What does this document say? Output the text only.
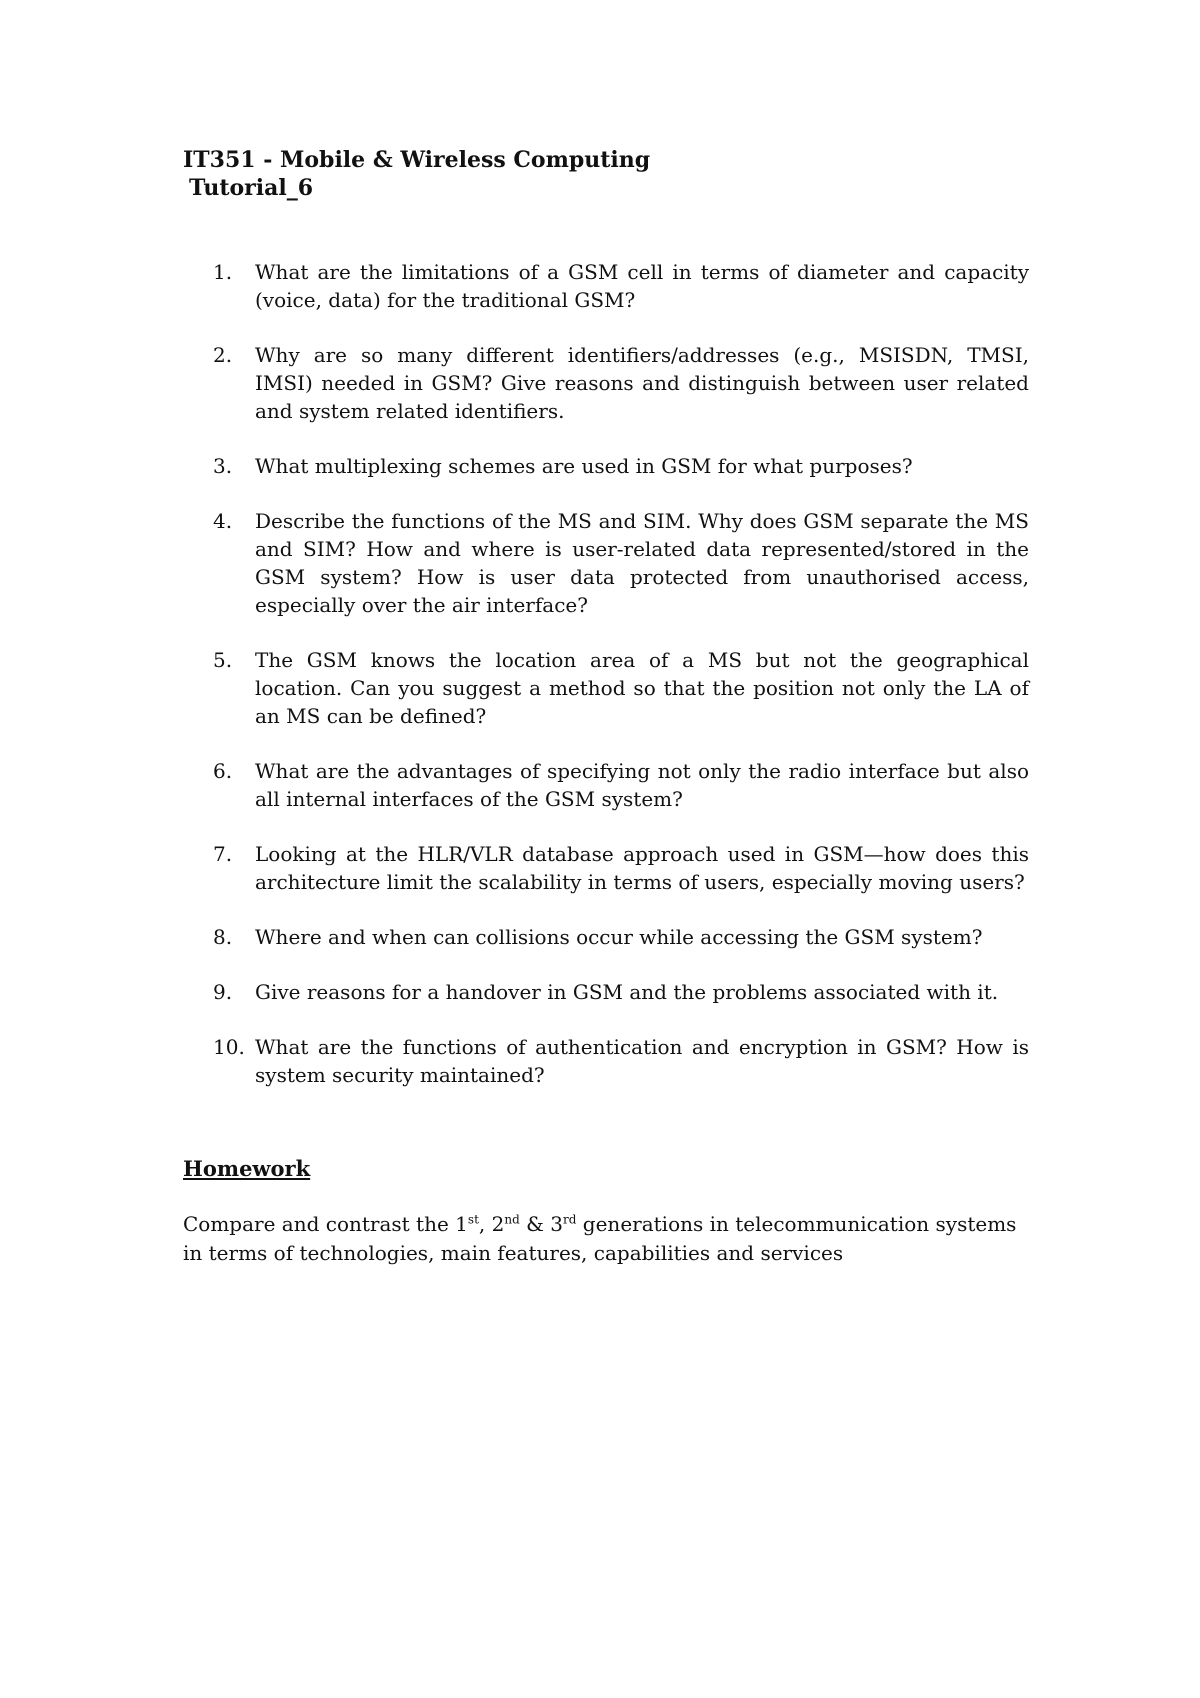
IT351 - Mobile & Wireless Computing

Tutorial_6

1.	What are the limitations of a GSM cell in terms of diameter and capacity (voice, data) for the traditional GSM?
2.	Why are so many different identifiers/addresses (e.g., MSISDN, TMSI, IMSI) needed in GSM? Give reasons and distinguish between user related and system related identifiers.
3.	What multiplexing schemes are used in GSM for what purposes?
4.	Describe the functions of the MS and SIM. Why does GSM separate the MS and SIM? How and where is user-related data represented/stored in the GSM system? How is user data protected from unauthorised access, especially over the air interface?
5.	The GSM knows the location area of a MS but not the geographical location. Can you suggest a method so that the position not only the LA of an MS can be defined?
6.	What are the advantages of specifying not only the radio interface but also all internal interfaces of the GSM system?
7.	Looking at the HLR/VLR database approach used in GSM—how does this architecture limit the scalability in terms of users, especially moving users?
8.	Where and when can collisions occur while accessing the GSM system?
9.	Give reasons for a handover in GSM and the problems associated with it.
10. What are the functions of authentication and encryption in GSM? How is system security maintained?

Homework

Compare and contrast the 1st, 2nd & 3rd generations in telecommunication systems in terms of technologies, main features, capabilities and services
